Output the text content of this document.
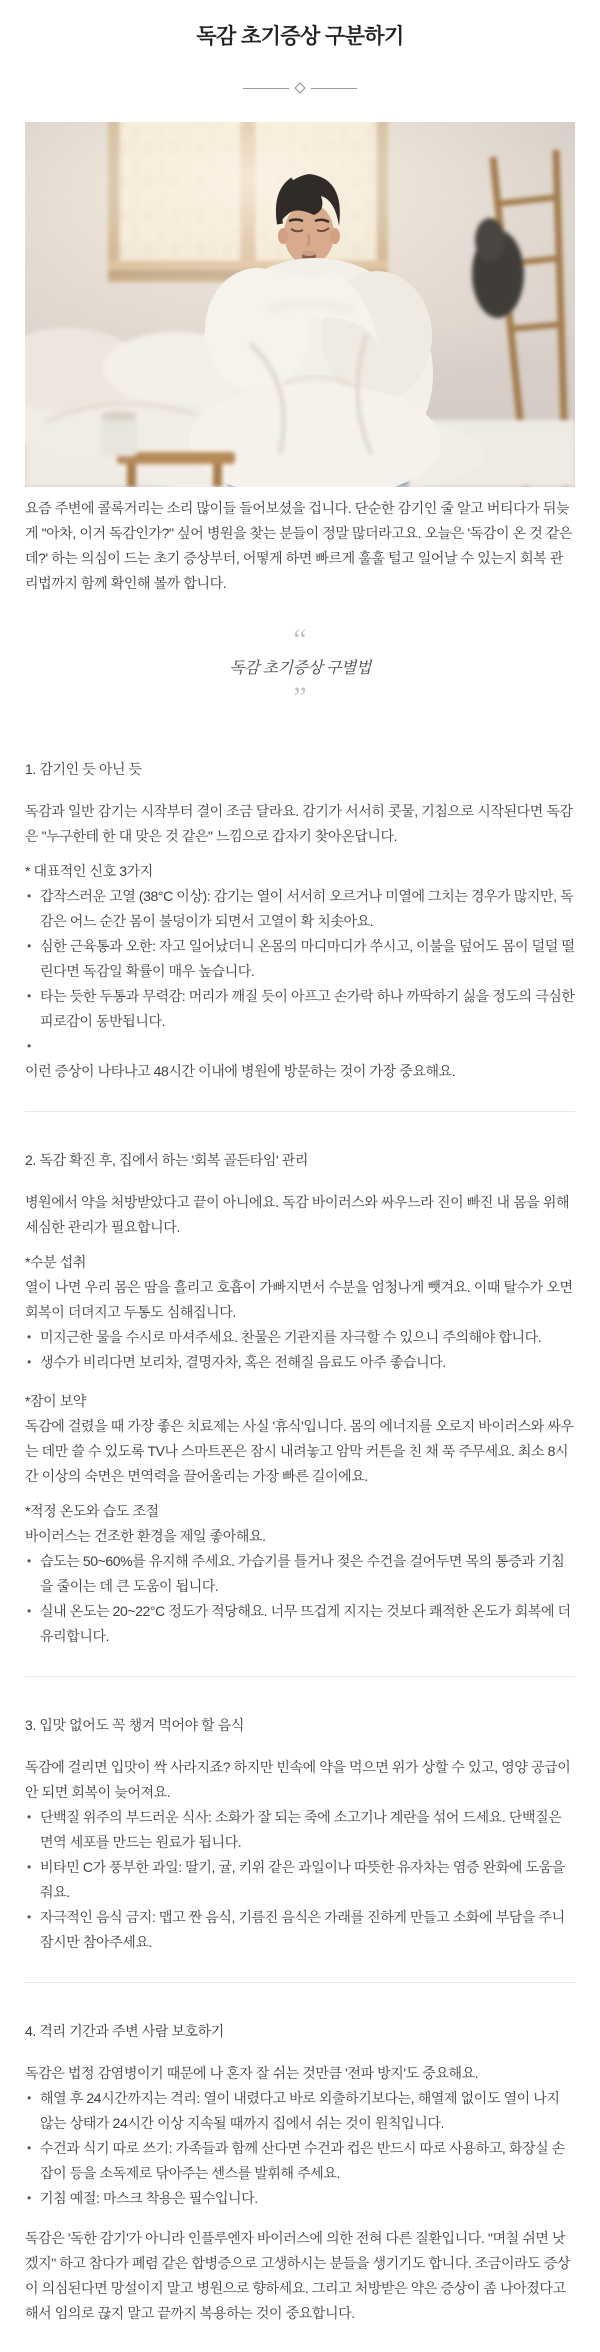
독감 초기증상 구분하기

요즘 주변에 콜록거리는 소리 많이들 들어보셨을 겁니다. 단순한 감기인 줄 알고 버티다가 뒤늦게 "아차, 이거 독감인가?" 싶어 병원을 찾는 분들이 정말 많더라고요. 오늘은 '독감이 온 것 같은데?' 하는 의심이 드는 초기 증상부터, 어떻게 하면 빠르게 훌훌 털고 일어날 수 있는지 회복 관리법까지 함께 확인해 볼까 합니다.

“
독감 초기증상 구별법
”
1. 감기인 듯 아닌 듯

독감과 일반 감기는 시작부터 결이 조금 달라요. 감기가 서서히 콧물, 기침으로 시작된다면 독감은 "누구한테 한 대 맞은 것 같은" 느낌으로 갑자기 찾아온답니다.

* 대표적인 신호 3가지

• 갑작스러운 고열 (38°C 이상): 감기는 열이 서서히 오르거나 미열에 그치는 경우가 많지만, 독감은 어느 순간 몸이 불덩이가 되면서 고열이 확 치솟아요.
• 심한 근육통과 오한: 자고 일어났더니 온몸의 마디마디가 쑤시고, 이불을 덮어도 몸이 덜덜 떨린다면 독감일 확률이 매우 높습니다.
• 타는 듯한 두통과 무력감: 머리가 깨질 듯이 아프고 손가락 하나 까딱하기 싫을 정도의 극심한 피로감이 동반됩니다.
•

이런 증상이 나타나고 48시간 이내에 병원에 방문하는 것이 가장 중요해요.

2. 독감 확진 후, 집에서 하는 '회복 골든타임' 관리

병원에서 약을 처방받았다고 끝이 아니에요. 독감 바이러스와 싸우느라 진이 빠진 내 몸을 위해 세심한 관리가 필요합니다.

*수분 섭취

열이 나면 우리 몸은 땀을 흘리고 호흡이 가빠지면서 수분을 엄청나게 뺏겨요. 이때 탈수가 오면 회복이 더뎌지고 두통도 심해집니다.

• 미지근한 물을 수시로 마셔주세요. 찬물은 기관지를 자극할 수 있으니 주의해야 합니다.
• 생수가 비리다면 보리차, 결명자차, 혹은 전해질 음료도 아주 좋습니다.

*잠이 보약

독감에 걸렸을 때 가장 좋은 치료제는 사실 '휴식'입니다. 몸의 에너지를 오로지 바이러스와 싸우는 데만 쓸 수 있도록 TV나 스마트폰은 잠시 내려놓고 암막 커튼을 친 채 푹 주무세요. 최소 8시간 이상의 숙면은 면역력을 끌어올리는 가장 빠른 길이에요.

*적정 온도와 습도 조절

바이러스는 건조한 환경을 제일 좋아해요.

• 습도는 50~60%를 유지해 주세요. 가습기를 틀거나 젖은 수건을 걸어두면 목의 통증과 기침을 줄이는 데 큰 도움이 됩니다.
• 실내 온도는 20~22°C 정도가 적당해요. 너무 뜨겁게 지지는 것보다 쾌적한 온도가 회복에 더 유리합니다.
3. 입맛 없어도 꼭 챙겨 먹어야 할 음식

독감에 걸리면 입맛이 싹 사라지죠? 하지만 빈속에 약을 먹으면 위가 상할 수 있고, 영양 공급이 안 되면 회복이 늦어져요.

• 단백질 위주의 부드러운 식사: 소화가 잘 되는 죽에 소고기나 계란을 섞어 드세요. 단백질은 면역 세포를 만드는 원료가 됩니다.
• 비타민 C가 풍부한 과일: 딸기, 귤, 키위 같은 과일이나 따뜻한 유자차는 염증 완화에 도움을 줘요.
• 자극적인 음식 금지: 맵고 짠 음식, 기름진 음식은 가래를 진하게 만들고 소화에 부담을 주니 잠시만 참아주세요.
4. 격리 기간과 주변 사람 보호하기

독감은 법정 감염병이기 때문에 나 혼자 잘 쉬는 것만큼 '전파 방지'도 중요해요.

• 해열 후 24시간까지는 격리: 열이 내렸다고 바로 외출하기보다는, 해열제 없이도 열이 나지 않는 상태가 24시간 이상 지속될 때까지 집에서 쉬는 것이 원칙입니다.
• 수건과 식기 따로 쓰기: 가족들과 함께 산다면 수건과 컵은 반드시 따로 사용하고, 화장실 손잡이 등을 소독제로 닦아주는 센스를 발휘해 주세요.
• 기침 예절: 마스크 착용은 필수입니다.

독감은 '독한 감기'가 아니라 인플루엔자 바이러스에 의한 전혀 다른 질환입니다. "며칠 쉬면 낫겠지" 하고 참다가 폐렴 같은 합병증으로 고생하시는 분들을 생기기도 합니다. 조금이라도 증상이 의심된다면 망설이지 말고 병원으로 향하세요. 그리고 처방받은 약은 증상이 좀 나아졌다고 해서 임의로 끊지 말고 끝까지 복용하는 것이 중요합니다.
